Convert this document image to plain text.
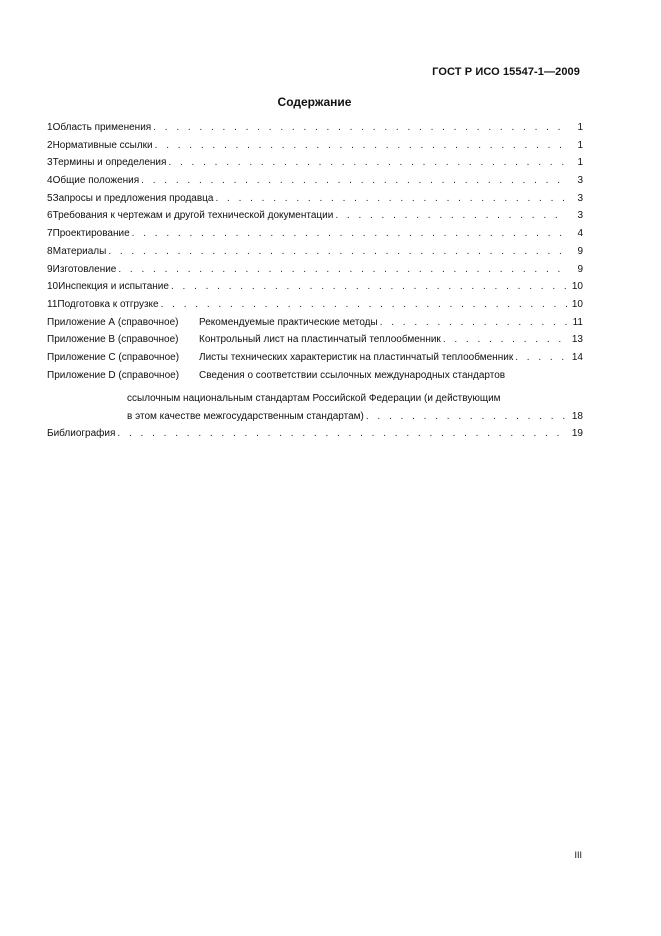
ГОСТ Р ИСО 15547-1—2009
Содержание
1 Область применения . . .	1
2 Нормативные ссылки . . .	1
3 Термины и определения . . .	1
4 Общие положения . . .	3
5 Запросы и предложения продавца . . .	3
6 Требования к чертежам и другой технической документации . . .	3
7 Проектирование . . .	4
8 Материалы . . .	9
9 Изготовление . . .	9
10 Инспекция и испытание . . .	10
11 Подготовка к отгрузке . . .	10
Приложение А (справочное)	Рекомендуемые практические методы . . .	11
Приложение В (справочное)	Контрольный лист на пластинчатый теплообменник . . .	13
Приложение С (справочное)	Листы технических характеристик на пластинчатый теплообменник . . .	14
Приложение D (справочное)	Сведения о соответствии ссылочных международных стандартов
ссылочным национальным стандартам Российской Федерации (и действующим
в этом качестве межгосударственным стандартам) . . .	18
Библиография . . .	19
III
